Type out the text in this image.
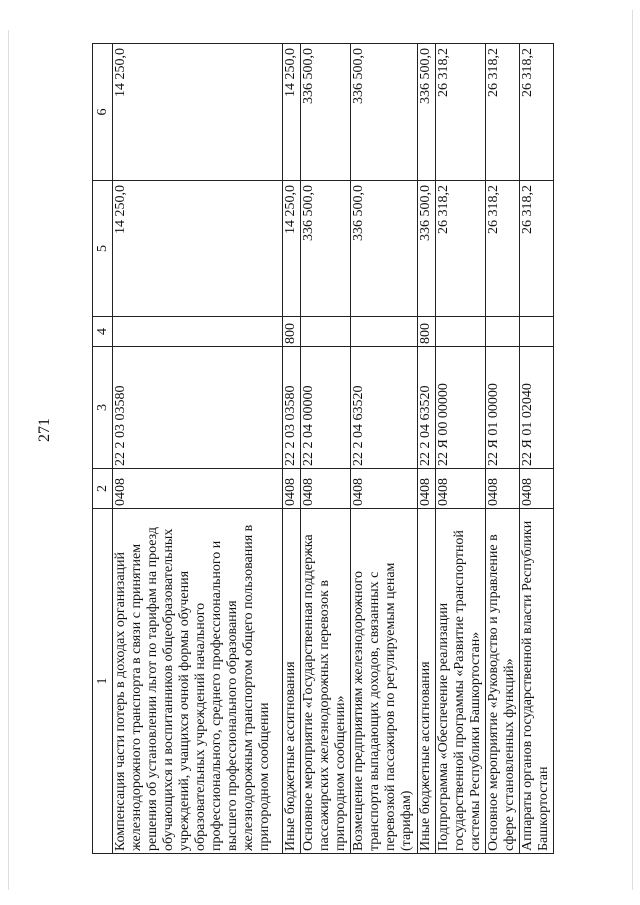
271
1	2	3	4	5	6
Компенсация части потерь в доходах организаций железнодорожного транспорта в связи с принятием решения об установлении льгот по тарифам на проезд обучающихся и воспитанников общеобразовательных учреждений, учащихся очной формы обучения образовательных учреждений начального профессионального, среднего профессионального и высшего профессионального образования железнодорожным транспортом общего пользования в пригородном сообщении	0408	22 2 03 03580		14 250,0	14 250,0
Иные бюджетные ассигнования	0408	22 2 03 03580	800	14 250,0	14 250,0
Основное мероприятие «Государственная поддержка пассажирских железнодорожных перевозок в пригородном сообщении»	0408	22 2 04 00000		336 500,0	336 500,0
Возмещение предприятиям железнодорожного транспорта выпадающих доходов, связанных с перевозкой пассажиров по регулируемым ценам (тарифам)	0408	22 2 04 63520		336 500,0	336 500,0
Иные бюджетные ассигнования	0408	22 2 04 63520	800	336 500,0	336 500,0
Подпрограмма «Обеспечение реализации государственной программы «Развитие транспортной системы Республики Башкортостан»	0408	22 Я 00 00000		26 318,2	26 318,2
Основное мероприятие «Руководство и управление в сфере установленных функций»	0408	22 Я 01 00000		26 318,2	26 318,2
Аппараты органов государственной власти Республики Башкортостан	0408	22 Я 01 02040		26 318,2	26 318,2
